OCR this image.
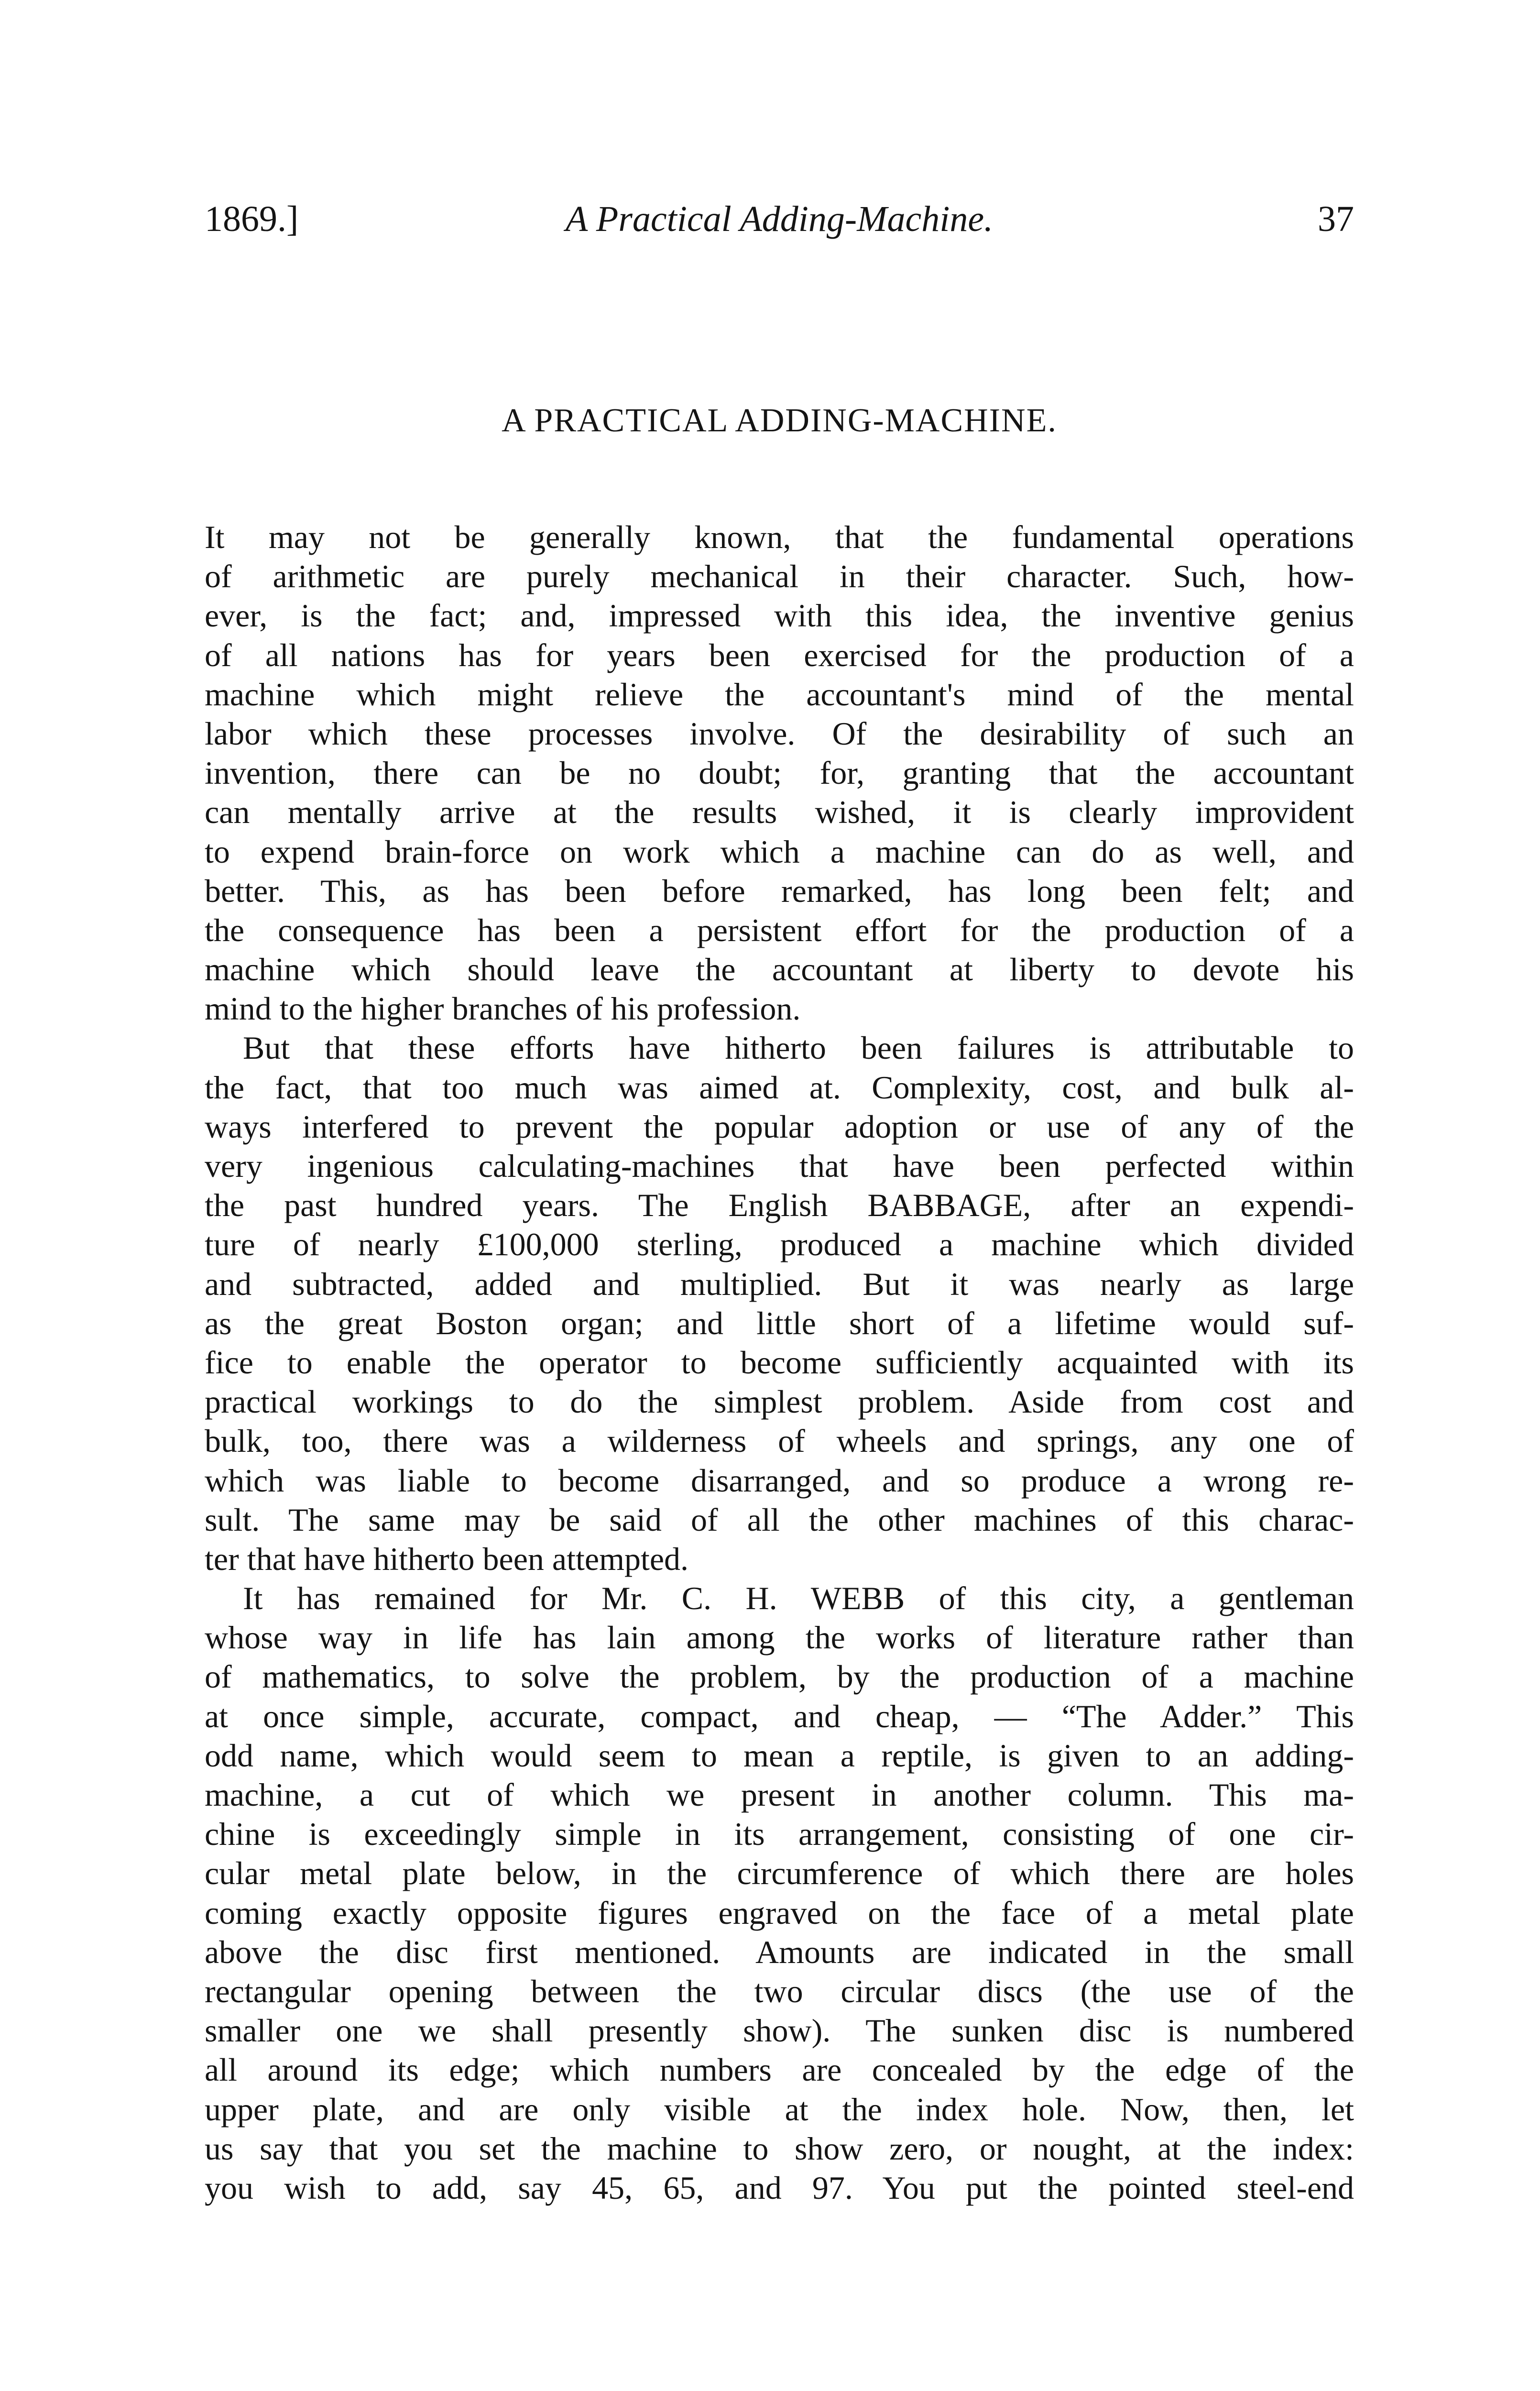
1869.]	A Practical Adding-Machine.	37
A PRACTICAL ADDING-MACHINE.
It may not be generally known, that the fundamental operations
of arithmetic are purely mechanical in their character. Such, how-
ever, is the fact; and, impressed with this idea, the inventive genius
of all nations has for years been exercised for the production of a
machine which might relieve the accountant's mind of the mental
labor which these processes involve. Of the desirability of such an
invention, there can be no doubt; for, granting that the accountant
can mentally arrive at the results wished, it is clearly improvident
to expend brain-force on work which a machine can do as well, and
better. This, as has been before remarked, has long been felt; and
the consequence has been a persistent effort for the production of a
machine which should leave the accountant at liberty to devote his
mind to the higher branches of his profession.
But that these efforts have hitherto been failures is attributable to
the fact, that too much was aimed at. Complexity, cost, and bulk al-
ways interfered to prevent the popular adoption or use of any of the
very ingenious calculating-machines that have been perfected within
the past hundred years. The English BABBAGE, after an expendi-
ture of nearly £100,000 sterling, produced a machine which divided
and subtracted, added and multiplied. But it was nearly as large
as the great Boston organ; and little short of a lifetime would suf-
fice to enable the operator to become sufficiently acquainted with its
practical workings to do the simplest problem. Aside from cost and
bulk, too, there was a wilderness of wheels and springs, any one of
which was liable to become disarranged, and so produce a wrong re-
sult. The same may be said of all the other machines of this charac-
ter that have hitherto been attempted.
It has remained for Mr. C. H. WEBB of this city, a gentleman
whose way in life has lain among the works of literature rather than
of mathematics, to solve the problem, by the production of a machine
at once simple, accurate, compact, and cheap, — “The Adder.” This
odd name, which would seem to mean a reptile, is given to an adding-
machine, a cut of which we present in another column. This ma-
chine is exceedingly simple in its arrangement, consisting of one cir-
cular metal plate below, in the circumference of which there are holes
coming exactly opposite figures engraved on the face of a metal plate
above the disc first mentioned. Amounts are indicated in the small
rectangular opening between the two circular discs (the use of the
smaller one we shall presently show). The sunken disc is numbered
all around its edge; which numbers are concealed by the edge of the
upper plate, and are only visible at the index hole. Now, then, let
us say that you set the machine to show zero, or nought, at the index:
you wish to add, say 45, 65, and 97. You put the pointed steel-end
